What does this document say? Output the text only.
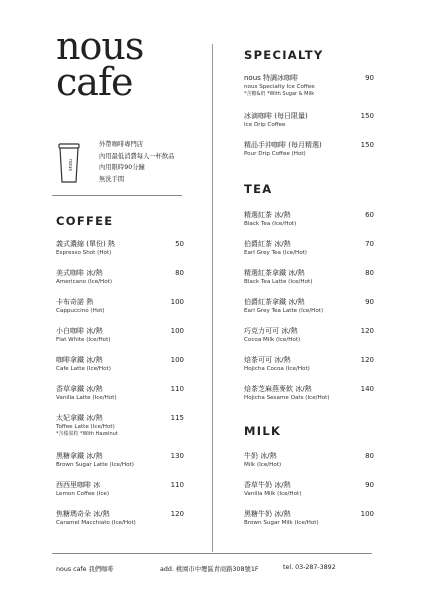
nous
cafe
nous
外帶咖啡專門店
內用最低消費每人一杯飲品
內用限時90分鐘
無洗手間
COFFEE
義式濃縮 (單份) 熱
Espresso Shot (Hot)
50
美式咖啡 冰/熱
Americano (Ice/Hot)
80
卡布奇諾 熱
Cappuccino (Hot)
100
小白咖啡 冰/熱
Flat White (Ice/Hot)
100
咖啡拿鐵 冰/熱
Cafe Latte (Ice/Hot)
100
香草拿鐵 冰/熱
Vanilla Latte (Ice/Hot)
110
太妃拿鐵 冰/熱
Toffee Latte (Ice/Hot)
*含榛果粒 *With Hazelnut
115
黑糖拿鐵 冰/熱
Brown Sugar Latte (Ice/Hot)
130
西西里咖啡 冰
Lemon Coffee (Ice)
110
焦糖瑪奇朵 冰/熱
Caramel Macchiato (Ice/Hot)
120
SPECIALTY
nous 特調冰咖啡
nous Specialty Ice Coffee
*含糖&奶 *With Sugar & Milk
90
冰滴咖啡 (每日限量)
Ice Drip Coffee
150
精品手沖咖啡 (每月精選)
Pour Drip Coffee (Hot)
150
TEA
精選紅茶 冰/熱
Black Tea (Ice/Hot)
60
伯爵紅茶 冰/熱
Earl Grey Tea (Ice/Hot)
70
精選紅茶拿鐵 冰/熱
Black Tea Latte (Ice/Hot)
80
伯爵紅茶拿鐵 冰/熱
Earl Grey Tea Latte (Ice/Hot)
90
巧克力可可 冰/熱
Cocoa Milk (Ice/Hot)
120
焙茶可可 冰/熱
Hojicha Cocoa (Ice/Hot)
120
焙茶芝麻燕麥飲 冰/熱
Hojicha Sesame Oats (Ice/Hot)
140
MILK
牛奶 冰/熱
Milk (Ice/Hot)
80
香草牛奶 冰/熱
Vanilla Milk (Ice/Hot)
90
黑糖牛奶 冰/熱
Brown Sugar Milk (Ice/Hot)
100
nous cafe 我們咖啡	add. 桃園市中壢區青商路308號1F	tel. 03-287-3892
